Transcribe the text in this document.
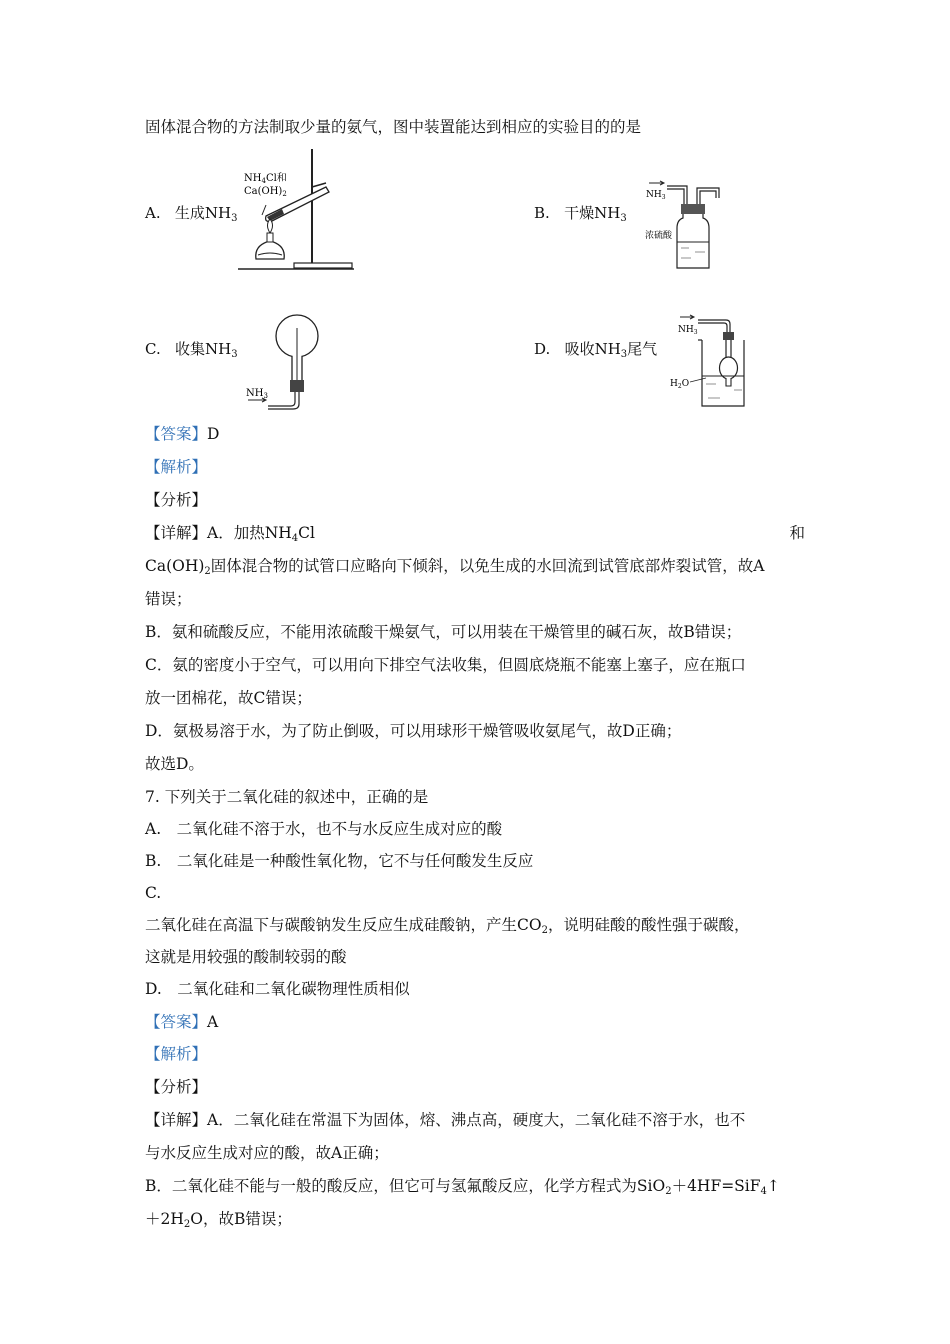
固体混合物的方法制取少量的氨气，图中装置能达到相应的实验目的的是
A. 生成$NH_3$
$NH_4Cl$和
$Ca(OH)_2$
B. 干燥$NH_3$
$NH_3$
浓硫酸
C. 收集$NH_3$
$NH_3$
D. 吸收$NH_3$尾气
$NH_3$
$H_2O$
【答案】D
【解析】
【分析】
【详解】A．加热$NH_4Cl$	和
$Ca(OH)_2$固体混合物的试管口应略向下倾斜，以免生成的水回流到试管底部炸裂试管，故A
错误；
B．氨和硫酸反应，不能用浓硫酸干燥氨气，可以用装在干燥管里的碱石灰，故B错误；
C．氨的密度小于空气，可以用向下排空气法收集，但圆底烧瓶不能塞上塞子，应在瓶口
放一团棉花，故C错误；
D．氨极易溶于水，为了防止倒吸，可以用球形干燥管吸收氨尾气，故D正确；
故选D。
7. 下列关于二氧化硅的叙述中，正确的是
A.　二氧化硅不溶于水，也不与水反应生成对应的酸
B.　二氧化硅是一种酸性氧化物，它不与任何酸发生反应
C.
二氧化硅在高温下与碳酸钠发生反应生成硅酸钠，产生$CO_2$，说明硅酸的酸性强于碳酸，
这就是用较强的酸制较弱的酸
D.　二氧化硅和二氧化碳物理性质相似
【答案】A
【解析】
【分析】
【详解】A．二氧化硅在常温下为固体，熔、沸点高，硬度大，二氧化硅不溶于水，也不
与水反应生成对应的酸，故A正确；
B．二氧化硅不能与一般的酸反应，但它可与氢氟酸反应，化学方程式为SiO$_2$＋4HF=SiF$_4$↑
$+2H_2O$，故B错误；
